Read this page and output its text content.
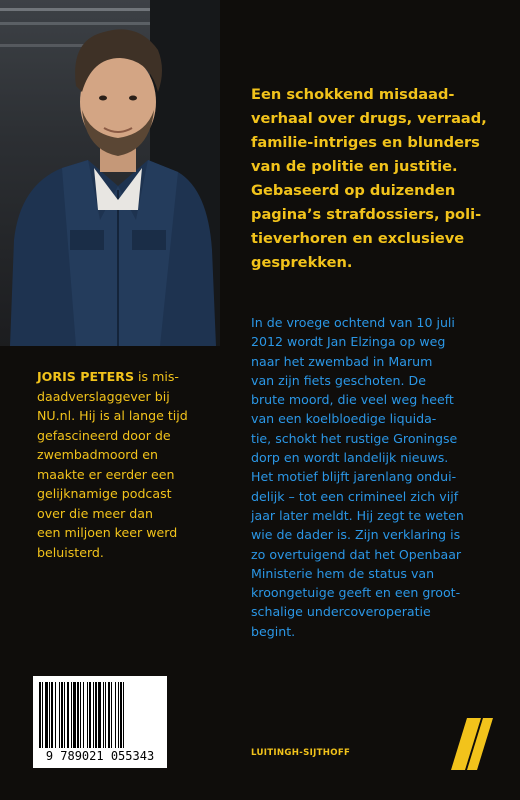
Een schokkend misdaad-
verhaal over drugs, verraad,
familie-intriges en blunders
van de politie en justitie.
Gebaseerd op duizenden
pagina’s strafdossiers, poli-
tieverhoren en exclusieve
gesprekken.

JORIS PETERS is mis-
daadverslaggever bij
NU.nl. Hij is al lange tijd
gefascineerd door de
zwembadmoord en
maakte er eerder een
gelijknamige podcast
over die meer dan
een miljoen keer werd
beluisterd.

In de vroege ochtend van 10 juli
2012 wordt Jan Elzinga op weg
naar het zwembad in Marum
van zijn fiets geschoten. De
brute moord, die veel weg heeft
van een koelbloedige liquida-
tie, schokt het rustige Groningse
dorp en wordt landelijk nieuws.
Het motief blijft jarenlang ondui-
delijk – tot een crimineel zich vijf
jaar later meldt. Hij zegt te weten
wie de dader is. Zijn verklaring is
zo overtuigend dat het Openbaar
Ministerie hem de status van
kroongetuige geeft en een groot-
schalige undercoveroperatie
begint.

9 789021 055343	LUITINGH-SIJTHOFF
